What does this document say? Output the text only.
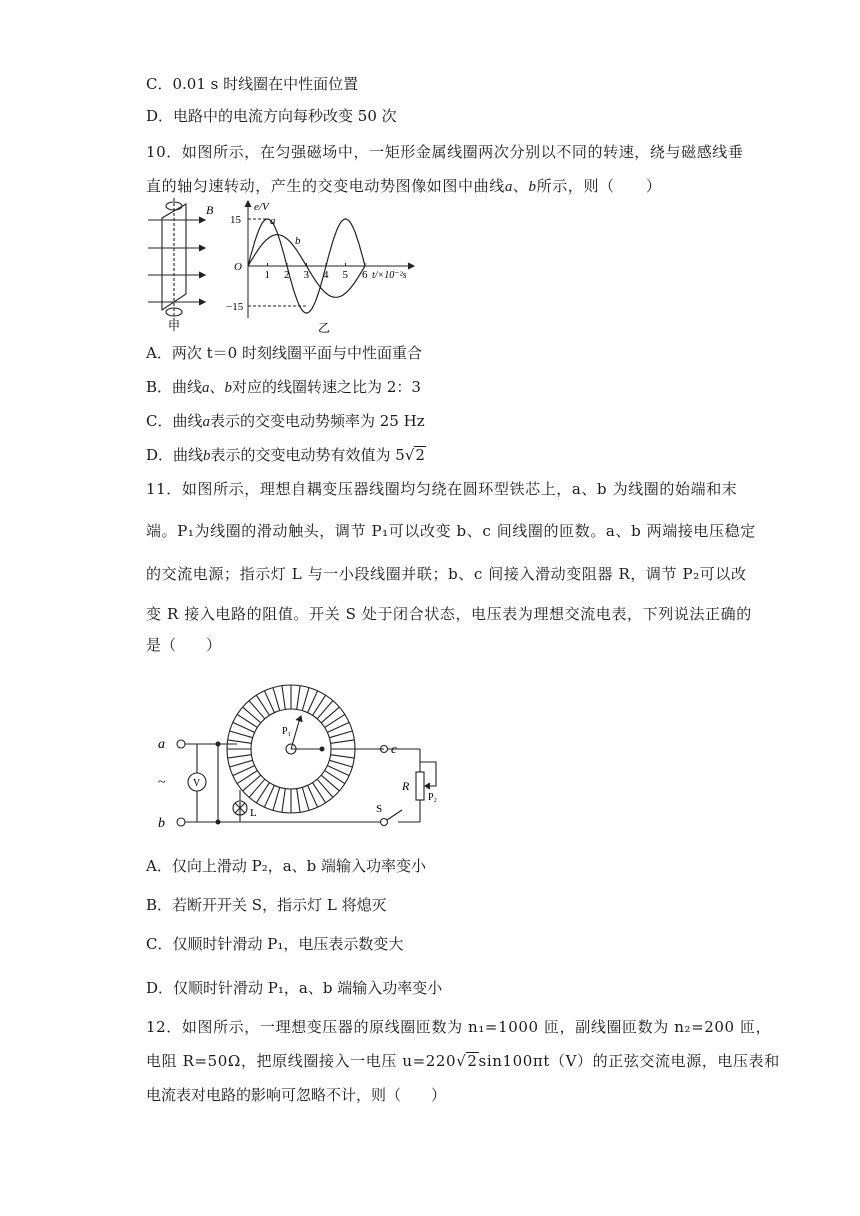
C．0.01 s 时线圈在中性面位置
D．电路中的电流方向每秒改变 50 次
10．如图所示，在匀强磁场中，一矩形金属线圈两次分别以不同的转速，绕与磁感线垂
直的轴匀速转动，产生的交变电动势图像如图中曲线a、b所示，则（　　）
B
甲
e/V
15
−15
O
a
b
1 2 3 4 5 6 t/×10⁻²s
乙
A．两次 t＝0 时刻线圈平面与中性面重合
B．曲线a、b对应的线圈转速之比为 2：3
C．曲线a表示的交变电动势频率为 25 Hz
D．曲线b表示的交变电动势有效值为 5√2
11．如图所示，理想自耦变压器线圈均匀绕在圆环型铁芯上，a、b 为线圈的始端和末
端。P₁为线圈的滑动触头，调节 P₁可以改变 b、c 间线圈的匝数。a、b 两端接电压稳定
的交流电源；指示灯 L 与一小段线圈并联；b、c 间接入滑动变阻器 R，调节 P₂可以改
变 R 接入电路的阻值。开关 S 处于闭合状态，电压表为理想交流电表，下列说法正确的
是（　　）
a
b
c
~	V
L
P₁
R
P₂
S
A．仅向上滑动 P₂，a、b 端输入功率变小
B．若断开开关 S，指示灯 L 将熄灭
C．仅顺时针滑动 P₁，电压表示数变大
D．仅顺时针滑动 P₁，a、b 端输入功率变小
12．如图所示，一理想变压器的原线圈匝数为 n₁=1000 匝，副线圈匝数为 n₂=200 匝，
电阻 R=50Ω，把原线圈接入一电压 u=220√2sin100πt（V）的正弦交流电源，电压表和
电流表对电路的影响可忽略不计，则（　　）
